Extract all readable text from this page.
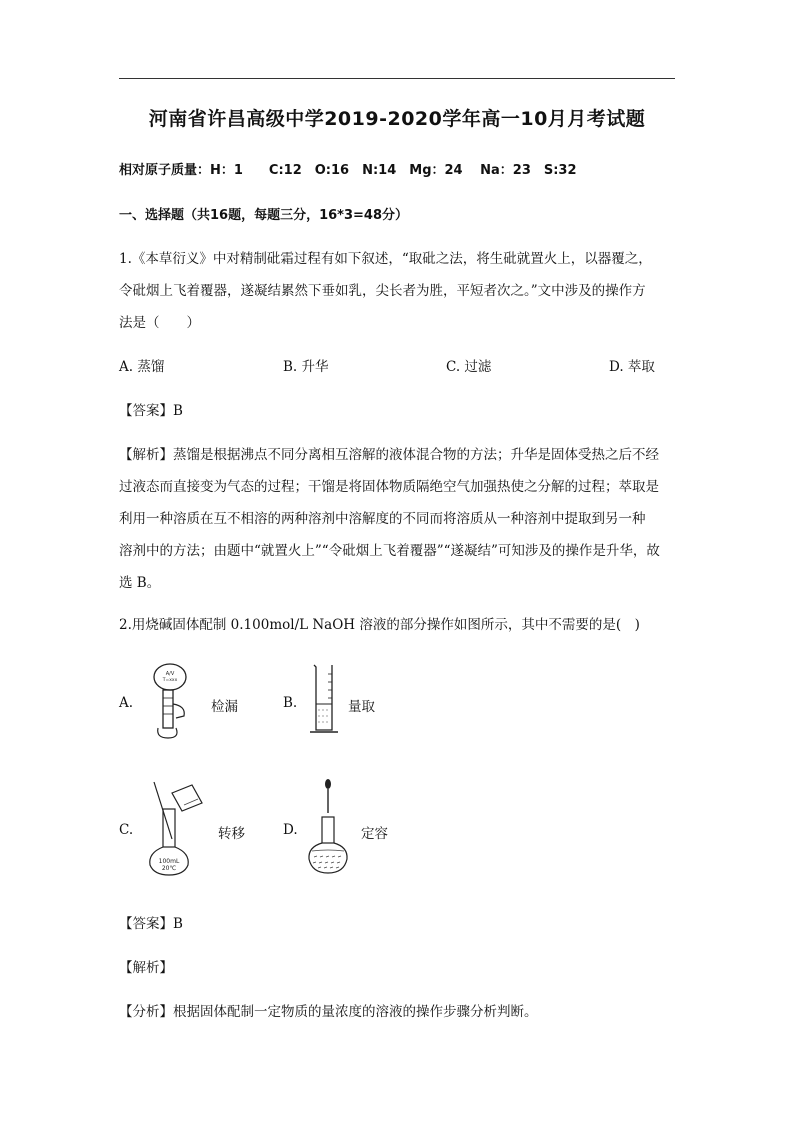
河南省许昌高级中学2019-2020学年高一10月月考试题
相对原子质量：H：1　　C:12　O:16　N:14　Mg：24　 Na：23　S:32
一、选择题（共16题，每题三分，16*3=48分）
1.《本草衍义》中对精制砒霜过程有如下叙述，“取砒之法，将生砒就置火上，以器覆之，
令砒烟上飞着覆器，遂凝结累然下垂如乳，尖长者为胜，平短者次之。”文中涉及的操作方
法是（　　）
A. 蒸馏	B. 升华	C. 过滤	D. 萃取
【答案】B
【解析】蒸馏是根据沸点不同分离相互溶解的液体混合物的方法；升华是固体受热之后不经
过液态而直接变为气态的过程；干馏是将固体物质隔绝空气加强热使之分解的过程；萃取是
利用一种溶质在互不相溶的两种溶剂中溶解度的不同而将溶质从一种溶剂中提取到另一种
溶剂中的方法；由题中“就置火上”“令砒烟上飞着覆器”“遂凝结”可知涉及的操作是升华，故
选 B。
2.用烧碱固体配制 0.100mol/L NaOH 溶液的部分操作如图所示，其中不需要的是(　)
A.
A/V
T=xxx
检漏	B.	量取
C.
100mL
20℃
转移	D.	定容
【答案】B
【解析】
【分析】根据固体配制一定物质的量浓度的溶液的操作步骤分析判断。
